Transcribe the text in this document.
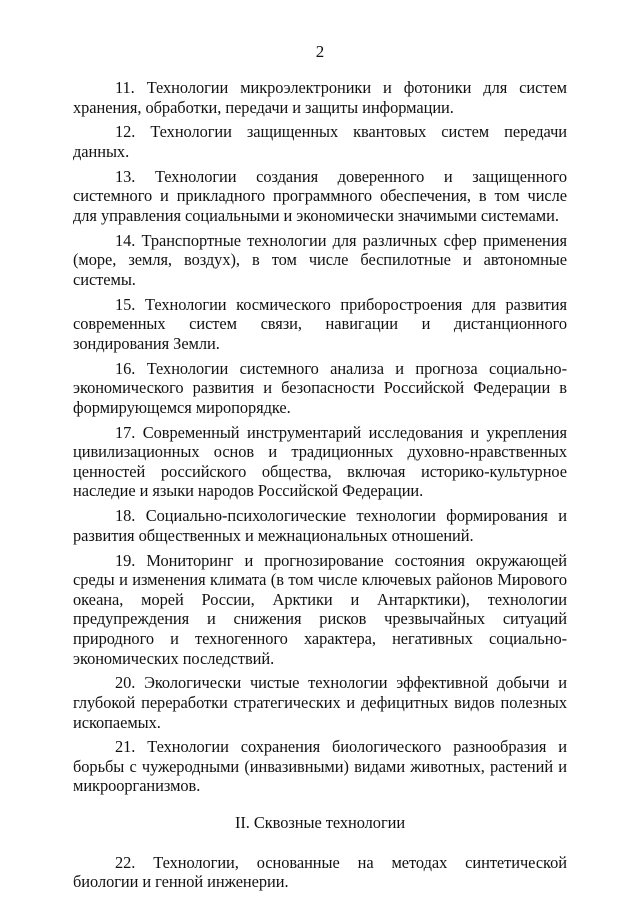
2

11. Технологии микроэлектроники и фотоники для систем хранения, обработки, передачи и защиты информации.

12. Технологии защищенных квантовых систем передачи данных.

13. Технологии создания доверенного и защищенного системного и прикладного программного обеспечения, в том числе для управления социальными и экономически значимыми системами.

14. Транспортные технологии для различных сфер применения (море, земля, воздух), в том числе беспилотные и автономные системы.

15. Технологии космического приборостроения для развития современных систем связи, навигации и дистанционного зондирования Земли.

16. Технологии системного анализа и прогноза социально-экономического развития и безопасности Российской Федерации в формирующемся миропорядке.

17. Современный инструментарий исследования и укрепления цивилизационных основ и традиционных духовно-нравственных ценностей российского общества, включая историко-культурное наследие и языки народов Российской Федерации.

18. Социально-психологические технологии формирования и развития общественных и межнациональных отношений.

19. Мониторинг и прогнозирование состояния окружающей среды и изменения климата (в том числе ключевых районов Мирового океана, морей России, Арктики и Антарктики), технологии предупреждения и снижения рисков чрезвычайных ситуаций природного и техногенного характера, негативных социально-экономических последствий.

20. Экологически чистые технологии эффективной добычи и глубокой переработки стратегических и дефицитных видов полезных ископаемых.

21. Технологии сохранения биологического разнообразия и борьбы с чужеродными (инвазивными) видами животных, растений и микроорганизмов.

II. Сквозные технологии

22. Технологии, основанные на методах синтетической биологии и генной инженерии.
